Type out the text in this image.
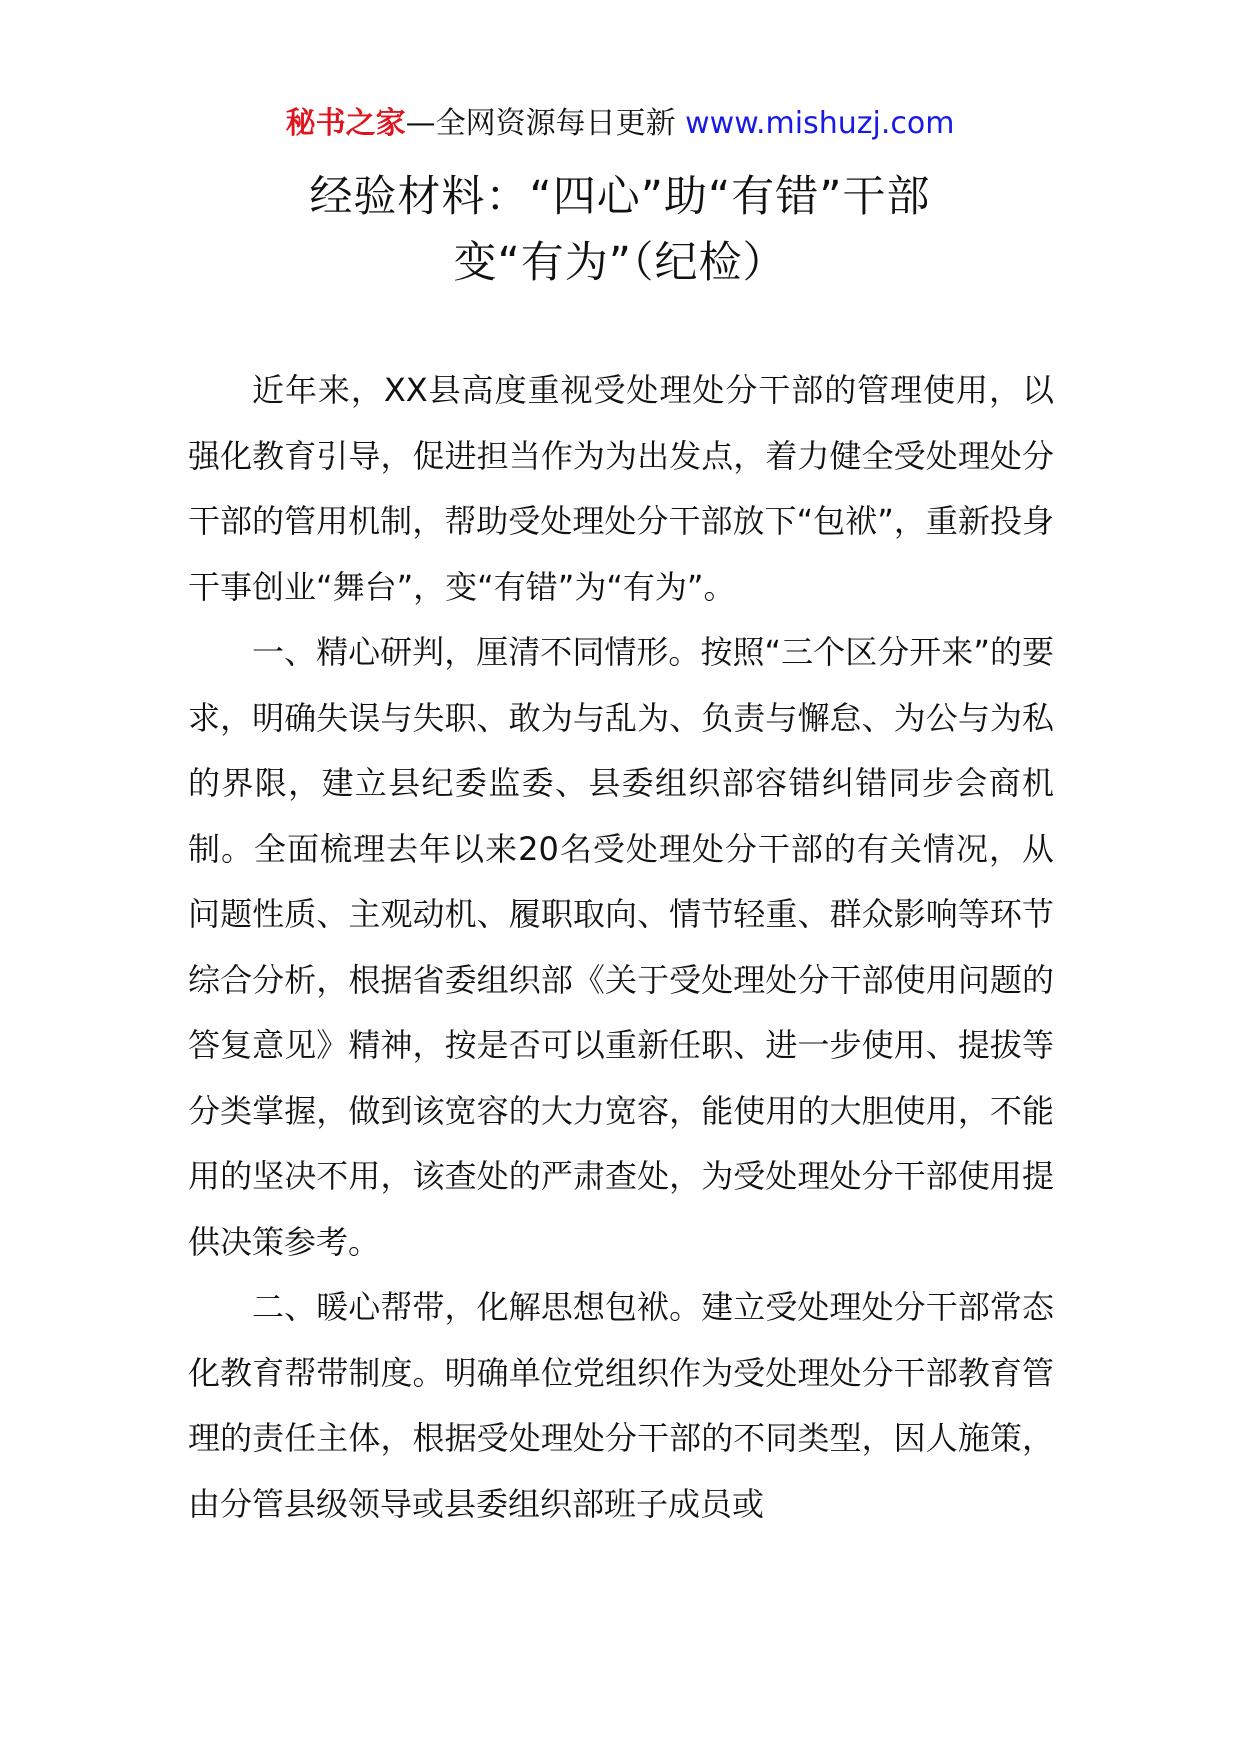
秘书之家—全网资源每日更新 www.mishuzj.com
经验材料：“四心”助“有错”干部
变“有为”（纪检）

近年来，XX县高度重视受处理处分干部的管理使用，以强化教育引导，促进担当作为为出发点，着力健全受处理处分干部的管用机制，帮助受处理处分干部放下“包袱”，重新投身干事创业“舞台”，变“有错”为“有为”。

一、精心研判，厘清不同情形。按照“三个区分开来”的要求，明确失误与失职、敢为与乱为、负责与懈怠、为公与为私的界限，建立县纪委监委、县委组织部容错纠错同步会商机制。全面梳理去年以来20名受处理处分干部的有关情况，从问题性质、主观动机、履职取向、情节轻重、群众影响等环节综合分析，根据省委组织部《关于受处理处分干部使用问题的答复意见》精神，按是否可以重新任职、进一步使用、提拔等分类掌握，做到该宽容的大力宽容，能使用的大胆使用，不能用的坚决不用，该查处的严肃查处，为受处理处分干部使用提供决策参考。

二、暖心帮带，化解思想包袱。建立受处理处分干部常态化教育帮带制度。明确单位党组织作为受处理处分干部教育管理的责任主体，根据受处理处分干部的不同类型，因人施策，由分管县级领导或县委组织部班子成员或
